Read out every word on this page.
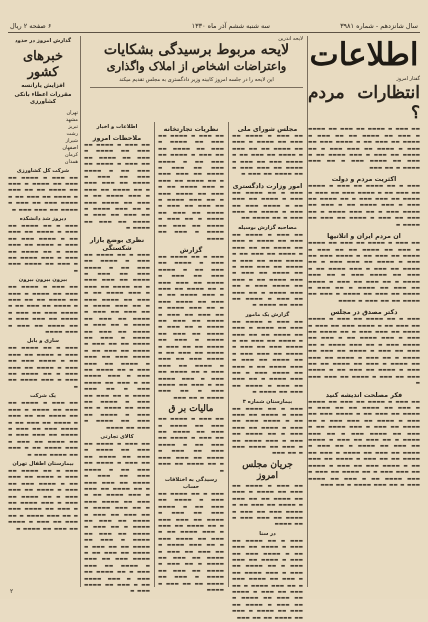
سال شانزدهم - شماره ۳۹۸۱
سه شنبه ششم آذر ماه ۱۳۳۰
۶ صفحه ۲ ریال
اطلاعات
گفتار امروز
انتظارات مردم ؟
▬▬ ▬▬▬ ▬ ▬▬▬▬ ▬▬ ▬▬▬ ▬▬ ▬▬▬▬ ▬ ▬▬▬ ▬▬ ▬▬▬▬ ▬▬ ▬▬ ▬▬▬ ▬ ▬▬▬▬ ▬▬ ▬▬▬ ▬▬ ▬ ▬▬▬▬ ▬▬▬ ▬▬ ▬▬▬ ▬ ▬▬▬▬ ▬▬ ▬▬▬ ▬▬▬ ▬ ▬▬ ▬▬▬▬ ▬▬ ▬▬▬ ▬ ▬▬▬ ▬▬▬▬ ▬▬ ▬ ▬▬▬ ▬▬ ▬▬▬▬ ▬▬▬ ▬ ▬▬ ▬▬▬ ▬▬▬▬ ▬ ▬▬ ▬▬▬
اکثریت مردم و دولت
▬▬▬ ▬ ▬▬ ▬▬▬▬ ▬▬ ▬▬▬ ▬ ▬▬▬▬ ▬▬ ▬▬▬ ▬▬ ▬ ▬▬▬▬ ▬▬▬ ▬▬ ▬▬▬ ▬ ▬▬▬▬ ▬▬ ▬▬▬ ▬▬▬ ▬ ▬▬ ▬▬▬▬ ▬▬ ▬▬▬ ▬ ▬▬▬ ▬▬▬▬ ▬▬ ▬ ▬▬▬ ▬▬ ▬▬▬▬ ▬▬▬ ▬ ▬▬ ▬▬▬ ▬▬▬▬ ▬ ▬▬ ▬▬▬ ▬▬ ▬▬▬ ▬ ▬▬▬▬ ▬▬ ▬▬▬ ▬▬ ▬▬▬▬ ▬
ان مردم ایران و اتلاتیها
▬▬ ▬▬▬ ▬ ▬▬▬▬ ▬▬ ▬▬▬ ▬▬ ▬▬▬▬ ▬ ▬▬▬ ▬▬ ▬▬▬▬ ▬▬ ▬▬ ▬▬▬ ▬ ▬▬▬▬ ▬▬ ▬▬▬ ▬▬ ▬ ▬▬▬▬ ▬▬▬ ▬▬ ▬▬▬ ▬ ▬▬▬▬ ▬▬ ▬▬▬ ▬▬▬ ▬ ▬▬ ▬▬▬▬ ▬▬ ▬▬▬ ▬ ▬▬▬ ▬▬▬▬ ▬▬ ▬ ▬▬▬ ▬▬ ▬▬▬▬ ▬▬▬ ▬ ▬▬ ▬▬▬ ▬▬▬▬ ▬ ▬▬ ▬▬▬ ▬▬ ▬▬▬ ▬ ▬▬▬▬ ▬▬ ▬▬▬ ▬▬ ▬▬▬▬ ▬ ▬▬ ▬▬▬ ▬ ▬▬▬▬ ▬▬ ▬▬▬ ▬▬ ▬▬▬▬ ▬ ▬▬▬ ▬▬ ▬▬▬▬ ▬▬ ▬▬ ▬▬▬ ▬ ▬▬▬▬
دکتر مصدق در مجلس
▬▬▬ ▬ ▬▬ ▬▬▬▬ ▬▬ ▬▬▬ ▬ ▬▬▬▬ ▬▬ ▬▬▬ ▬▬ ▬ ▬▬▬▬ ▬▬▬ ▬▬ ▬▬▬ ▬ ▬▬▬▬ ▬▬ ▬▬▬ ▬▬▬ ▬ ▬▬ ▬▬▬▬ ▬▬ ▬▬▬ ▬ ▬▬▬ ▬▬▬▬ ▬▬ ▬ ▬▬▬ ▬▬ ▬▬▬▬ ▬▬▬ ▬ ▬▬ ▬▬▬ ▬▬▬▬ ▬ ▬▬ ▬▬▬ ▬▬ ▬▬▬ ▬ ▬▬▬▬ ▬▬ ▬▬▬ ▬▬ ▬▬▬▬ ▬ ▬▬ ▬▬▬ ▬ ▬▬▬▬ ▬▬ ▬▬▬ ▬▬ ▬▬▬▬ ▬ ▬▬▬ ▬▬ ▬▬▬▬ ▬▬ ▬▬ ▬▬▬ ▬ ▬▬▬▬ ▬▬ ▬▬▬ ▬▬ ▬ ▬▬▬▬ ▬▬▬ ▬▬ ▬▬▬ ▬ ▬▬▬▬ ▬▬ ▬▬▬ ▬▬▬ ▬
فکر مصلحت اندیشه کنید
▬▬ ▬▬▬ ▬ ▬▬▬▬ ▬▬ ▬▬▬ ▬▬ ▬▬▬▬ ▬ ▬▬▬ ▬▬ ▬▬▬▬ ▬▬ ▬▬ ▬▬▬ ▬ ▬▬▬▬ ▬▬ ▬▬▬ ▬▬ ▬ ▬▬▬▬ ▬▬▬ ▬▬ ▬▬▬ ▬ ▬▬▬▬ ▬▬ ▬▬▬ ▬▬▬ ▬ ▬▬ ▬▬▬▬ ▬▬ ▬▬▬ ▬ ▬▬▬ ▬▬▬▬ ▬▬ ▬ ▬▬▬ ▬▬ ▬▬▬▬ ▬▬▬ ▬ ▬▬ ▬▬▬ ▬▬▬▬ ▬ ▬▬ ▬▬▬ ▬▬ ▬▬▬ ▬ ▬▬▬▬ ▬▬ ▬▬▬ ▬▬ ▬▬▬▬ ▬ ▬▬ ▬▬▬ ▬ ▬▬▬▬ ▬▬ ▬▬▬ ▬▬ ▬▬▬▬ ▬ ▬▬▬ ▬▬ ▬▬▬▬ ▬▬ ▬▬ ▬▬▬ ▬ ▬▬▬▬ ▬▬ ▬▬▬ ▬▬ ▬ ▬▬▬▬ ▬▬▬ ▬▬ ▬▬▬ ▬ ▬▬▬▬ ▬▬ ▬▬▬ ▬▬▬ ▬ ▬▬ ▬▬▬▬ ▬▬ ▬▬▬ ▬ ▬▬▬ ▬▬▬▬ ▬▬ ▬ ▬▬▬ ▬▬ ▬▬▬▬ ▬▬▬ ▬ ▬▬ ▬▬▬ ▬▬▬▬ ▬ ▬▬ ▬▬▬
لایحه اندرین
لایحه مربوط برسیدگی بشکایات
واعتراضات اشخاص از املاک واگذاری
این لایحه را در جلسه امروز کابینه وزیر دادگستری به مجلس تقدیم میکند
مجلس شورای ملی
▬▬ ▬▬▬ ▬ ▬▬▬▬ ▬▬ ▬▬▬ ▬▬ ▬▬▬▬ ▬ ▬▬▬ ▬▬ ▬▬▬▬ ▬▬ ▬▬ ▬▬▬ ▬ ▬▬▬▬ ▬▬ ▬▬▬ ▬▬ ▬ ▬▬▬▬ ▬▬▬ ▬▬ ▬▬▬ ▬ ▬▬▬▬ ▬▬ ▬▬▬ ▬▬▬ ▬ ▬▬ ▬▬▬▬ ▬▬ ▬▬▬ ▬
امور وزارت دادگستری
▬▬▬ ▬ ▬▬ ▬▬▬▬ ▬▬ ▬▬▬ ▬ ▬▬▬▬ ▬▬ ▬▬▬ ▬▬ ▬ ▬▬▬▬ ▬▬▬ ▬▬ ▬▬▬ ▬ ▬▬▬▬ ▬▬ ▬▬▬ ▬▬▬ ▬ ▬▬ ▬▬▬▬ ▬▬
مصاحبه گزارش بوسیله
▬▬ ▬▬▬ ▬ ▬▬▬▬ ▬▬ ▬▬▬ ▬▬ ▬▬▬▬ ▬ ▬▬▬ ▬▬ ▬▬▬▬ ▬▬ ▬▬ ▬▬▬ ▬ ▬▬▬▬ ▬▬ ▬▬▬ ▬▬ ▬ ▬▬▬▬ ▬▬▬ ▬▬ ▬▬▬ ▬ ▬▬▬▬ ▬▬ ▬▬▬ ▬▬▬ ▬ ▬▬ ▬▬▬▬ ▬▬ ▬▬▬ ▬ ▬▬▬ ▬▬▬▬ ▬▬ ▬ ▬▬▬ ▬▬ ▬▬▬▬ ▬▬▬ ▬ ▬▬ ▬▬▬ ▬▬▬▬ ▬ ▬▬ ▬▬▬ ▬▬ ▬▬▬ ▬ ▬▬▬▬ ▬▬ ▬▬▬ ▬▬ ▬▬▬▬ ▬
گزارش یک مامور
▬▬ ▬▬▬ ▬ ▬▬▬▬ ▬▬ ▬▬▬ ▬▬ ▬▬▬▬ ▬ ▬▬▬ ▬▬ ▬▬▬▬ ▬▬ ▬▬ ▬▬▬ ▬ ▬▬▬▬ ▬▬ ▬▬▬ ▬▬ ▬ ▬▬▬▬ ▬▬▬ ▬▬ ▬▬▬ ▬ ▬▬▬▬ ▬▬ ▬▬▬ ▬▬▬ ▬ ▬▬ ▬▬▬▬ ▬▬ ▬▬▬ ▬ ▬▬▬ ▬▬▬▬ ▬▬ ▬ ▬▬▬ ▬▬ ▬▬▬▬ ▬▬▬ ▬ ▬▬ ▬▬▬ ▬▬▬▬ ▬ ▬▬ ▬▬▬ ▬▬ ▬▬▬ ▬ ▬▬▬▬ ▬▬ ▬▬▬ ▬▬ ▬▬▬▬ ▬
بیمارستان شماره ۳
▬▬▬ ▬ ▬▬ ▬▬▬▬ ▬▬ ▬▬▬ ▬ ▬▬▬▬ ▬▬ ▬▬▬ ▬▬ ▬ ▬▬▬▬ ▬▬▬ ▬▬ ▬▬▬ ▬ ▬▬▬▬ ▬▬ ▬▬▬ ▬▬▬ ▬ ▬▬ ▬▬▬▬ ▬▬ ▬▬▬ ▬ ▬▬▬ ▬▬▬▬ ▬▬ ▬ ▬▬▬ ▬▬ ▬▬▬▬ ▬▬▬ ▬ ▬▬ ▬▬▬
جریان مجلس امروز
▬▬ ▬▬▬ ▬ ▬▬▬▬ ▬▬ ▬▬▬ ▬▬ ▬▬▬▬ ▬ ▬▬▬ ▬▬ ▬▬▬▬ ▬▬ ▬▬ ▬▬▬ ▬ ▬▬▬▬ ▬▬ ▬▬▬ ▬▬ ▬ ▬▬▬▬ ▬▬▬ ▬▬ ▬▬▬ ▬ ▬▬▬▬ ▬▬ ▬▬▬ ▬▬▬ ▬ ▬▬ ▬▬▬▬
در سنا
▬▬▬ ▬ ▬▬ ▬▬▬▬ ▬▬ ▬▬▬ ▬ ▬▬▬▬ ▬▬ ▬▬▬ ▬▬ ▬ ▬▬▬▬ ▬▬▬ ▬▬ ▬▬▬ ▬ ▬▬▬▬ ▬▬ ▬▬▬ ▬▬▬ ▬ ▬▬ ▬▬▬▬ ▬▬ ▬▬▬ ▬ ▬▬▬ ▬▬▬▬ ▬▬ ▬ ▬▬▬ ▬▬ ▬▬▬▬ ▬▬▬ ▬ ▬▬ ▬▬▬ ▬▬▬▬ ▬ ▬▬ ▬▬▬ ▬▬ ▬▬▬ ▬ ▬▬▬▬ ▬▬ ▬▬▬ ▬▬ ▬▬▬▬ ▬ ▬▬ ▬▬▬ ▬ ▬▬▬▬ ▬▬ ▬▬▬ ▬▬ ▬▬▬▬ ▬ ▬▬▬ ▬▬ ▬▬▬▬ ▬▬ ▬▬ ▬▬▬
نظریات تجارتخانه
▬▬ ▬▬▬ ▬ ▬▬▬▬ ▬▬ ▬▬▬ ▬▬ ▬▬▬▬ ▬ ▬▬▬ ▬▬ ▬▬▬▬ ▬▬ ▬▬ ▬▬▬ ▬ ▬▬▬▬ ▬▬ ▬▬▬ ▬▬ ▬ ▬▬▬▬ ▬▬▬ ▬▬ ▬▬▬ ▬ ▬▬▬▬ ▬▬ ▬▬▬ ▬▬▬ ▬ ▬▬ ▬▬▬▬ ▬▬ ▬▬▬ ▬ ▬▬▬ ▬▬▬▬ ▬▬ ▬ ▬▬▬ ▬▬ ▬▬▬▬ ▬▬▬ ▬ ▬▬ ▬▬▬ ▬▬▬▬ ▬ ▬▬ ▬▬▬ ▬▬ ▬▬▬ ▬ ▬▬▬▬ ▬▬ ▬▬▬ ▬▬ ▬▬▬▬ ▬ ▬▬ ▬▬▬ ▬ ▬▬▬▬ ▬▬ ▬▬▬ ▬▬ ▬▬▬▬ ▬ ▬▬▬ ▬▬ ▬▬▬▬
گزارش
▬▬▬ ▬ ▬▬ ▬▬▬▬ ▬▬ ▬▬▬ ▬ ▬▬▬▬ ▬▬ ▬▬▬ ▬▬ ▬ ▬▬▬▬ ▬▬▬ ▬▬ ▬▬▬ ▬ ▬▬▬▬ ▬▬ ▬▬▬ ▬▬▬ ▬ ▬▬ ▬▬▬▬ ▬▬ ▬▬▬ ▬ ▬▬▬ ▬▬▬▬ ▬▬ ▬ ▬▬▬ ▬▬ ▬▬▬▬ ▬▬▬ ▬ ▬▬ ▬▬▬ ▬▬▬▬ ▬ ▬▬ ▬▬▬ ▬▬ ▬▬▬ ▬ ▬▬▬▬ ▬▬ ▬▬▬ ▬▬ ▬▬▬▬ ▬ ▬▬ ▬▬▬ ▬ ▬▬▬▬ ▬▬ ▬▬▬ ▬▬ ▬▬▬▬ ▬ ▬▬▬ ▬▬ ▬▬▬▬ ▬▬ ▬▬ ▬▬▬ ▬ ▬▬▬▬ ▬▬ ▬▬▬ ▬▬ ▬ ▬▬▬▬ ▬▬▬ ▬▬ ▬▬▬ ▬ ▬▬▬▬ ▬▬ ▬▬▬ ▬▬▬ ▬ ▬▬ ▬▬▬▬ ▬▬ ▬▬▬ ▬ ▬▬▬ ▬▬▬▬ ▬▬ ▬ ▬▬▬ ▬▬ ▬▬▬▬ ▬▬▬ ▬ ▬▬ ▬▬▬ ▬▬▬▬ ▬ ▬▬ ▬▬▬
مالیات بر ق
▬▬ ▬▬▬ ▬ ▬▬▬▬ ▬▬ ▬▬▬ ▬▬ ▬▬▬▬ ▬ ▬▬▬ ▬▬ ▬▬▬▬ ▬▬ ▬▬ ▬▬▬ ▬ ▬▬▬▬ ▬▬ ▬▬▬ ▬▬ ▬ ▬▬▬▬ ▬▬▬ ▬▬ ▬▬▬ ▬ ▬▬▬▬ ▬▬ ▬▬▬ ▬▬▬ ▬ ▬▬ ▬▬▬▬ ▬▬ ▬▬▬ ▬
رسیدگی به اختلافات حساب
▬▬▬ ▬ ▬▬ ▬▬▬▬ ▬▬ ▬▬▬ ▬ ▬▬▬▬ ▬▬ ▬▬▬ ▬▬ ▬ ▬▬▬▬ ▬▬▬ ▬▬ ▬▬▬ ▬ ▬▬▬▬ ▬▬ ▬▬▬ ▬▬▬ ▬ ▬▬ ▬▬▬▬ ▬▬ ▬▬▬ ▬ ▬▬▬ ▬▬▬▬ ▬▬ ▬ ▬▬▬ ▬▬ ▬▬▬▬ ▬▬▬ ▬ ▬▬ ▬▬▬ ▬▬▬▬ ▬ ▬▬ ▬▬▬ ▬▬ ▬▬▬ ▬ ▬▬▬▬ ▬▬ ▬▬▬ ▬▬ ▬▬▬▬ ▬ ▬▬ ▬▬▬ ▬ ▬▬▬▬ ▬▬ ▬▬▬ ▬▬ ▬▬▬▬ ▬ ▬▬▬ ▬▬ ▬▬▬▬ ▬▬ ▬▬ ▬▬▬ ▬ ▬▬▬▬
اطلاعات و اخبار
ملاحظات امروز
▬▬ ▬▬▬ ▬ ▬▬▬▬ ▬▬ ▬▬▬ ▬▬ ▬▬▬▬ ▬ ▬▬▬ ▬▬ ▬▬▬▬ ▬▬ ▬▬ ▬▬▬ ▬ ▬▬▬▬ ▬▬ ▬▬▬ ▬▬ ▬ ▬▬▬▬ ▬▬▬ ▬▬ ▬▬▬ ▬ ▬▬▬▬ ▬▬ ▬▬▬ ▬▬▬ ▬ ▬▬ ▬▬▬▬ ▬▬ ▬▬▬ ▬ ▬▬▬ ▬▬▬▬ ▬▬ ▬ ▬▬▬ ▬▬ ▬▬▬▬ ▬▬▬ ▬ ▬▬ ▬▬▬ ▬▬▬▬ ▬ ▬▬ ▬▬▬ ▬▬ ▬▬▬ ▬ ▬▬▬▬ ▬▬ ▬▬▬ ▬▬ ▬▬▬▬ ▬
نظری بوضع بازار شکستگی
▬▬▬ ▬ ▬▬ ▬▬▬▬ ▬▬ ▬▬▬ ▬ ▬▬▬▬ ▬▬ ▬▬▬ ▬▬ ▬ ▬▬▬▬ ▬▬▬ ▬▬ ▬▬▬ ▬ ▬▬▬▬ ▬▬ ▬▬▬ ▬▬▬ ▬ ▬▬ ▬▬▬▬ ▬▬ ▬▬▬ ▬ ▬▬▬ ▬▬▬▬ ▬▬ ▬ ▬▬▬ ▬▬ ▬▬▬▬ ▬▬▬ ▬ ▬▬ ▬▬▬ ▬▬▬▬ ▬ ▬▬ ▬▬▬ ▬▬ ▬▬▬ ▬ ▬▬▬▬ ▬▬ ▬▬▬ ▬▬ ▬▬▬▬ ▬ ▬▬ ▬▬▬ ▬ ▬▬▬▬ ▬▬ ▬▬▬ ▬▬ ▬▬▬▬ ▬ ▬▬▬ ▬▬ ▬▬▬▬ ▬▬ ▬▬ ▬▬▬ ▬ ▬▬▬▬ ▬▬ ▬▬▬ ▬▬ ▬ ▬▬▬▬ ▬▬▬ ▬▬ ▬▬▬ ▬ ▬▬▬▬ ▬▬ ▬▬▬ ▬▬▬ ▬ ▬▬ ▬▬▬▬ ▬▬ ▬▬▬ ▬ ▬▬▬ ▬▬▬▬ ▬▬ ▬ ▬▬▬ ▬▬ ▬▬▬▬ ▬▬▬ ▬ ▬▬ ▬▬▬ ▬▬▬▬ ▬ ▬▬ ▬▬▬ ▬▬ ▬▬▬ ▬ ▬▬▬▬ ▬▬ ▬▬▬ ▬▬ ▬▬▬▬ ▬ ▬▬ ▬▬▬ ▬ ▬▬▬▬ ▬▬ ▬▬▬ ▬▬ ▬▬▬▬ ▬ ▬▬▬ ▬▬ ▬▬▬▬
کالای تجارتی
▬▬ ▬▬▬ ▬ ▬▬▬▬ ▬▬ ▬▬▬ ▬▬ ▬▬▬▬ ▬ ▬▬▬ ▬▬ ▬▬▬▬ ▬▬ ▬▬ ▬▬▬ ▬ ▬▬▬▬ ▬▬ ▬▬▬ ▬▬ ▬ ▬▬▬▬ ▬▬▬ ▬▬ ▬▬▬ ▬ ▬▬▬▬ ▬▬ ▬▬▬ ▬▬▬ ▬ ▬▬ ▬▬▬▬ ▬▬ ▬▬▬ ▬ ▬▬▬ ▬▬▬▬ ▬▬ ▬ ▬▬▬ ▬▬ ▬▬▬▬ ▬▬▬ ▬ ▬▬ ▬▬▬ ▬▬▬▬ ▬ ▬▬ ▬▬▬ ▬▬ ▬▬▬ ▬ ▬▬▬▬ ▬▬ ▬▬▬ ▬▬ ▬▬▬▬ ▬ ▬▬ ▬▬▬ ▬ ▬▬▬▬ ▬▬ ▬▬▬ ▬▬ ▬▬▬▬ ▬ ▬▬▬ ▬▬ ▬▬▬▬ ▬▬ ▬▬ ▬▬▬ ▬ ▬▬▬▬ ▬▬ ▬▬▬ ▬▬ ▬ ▬▬▬▬ ▬▬▬ ▬▬ ▬▬▬ ▬ ▬▬▬▬ ▬▬ ▬▬▬ ▬▬▬ ▬ ▬▬ ▬▬▬▬ ▬▬ ▬▬▬ ▬ ▬▬▬ ▬▬▬▬ ▬▬ ▬ ▬▬▬ ▬▬ ▬▬▬▬ ▬▬▬ ▬
گذارش امروز در حدود
خبرهای کشور
افزایش یارانسه
مقررات اعطاء بانکی کشاورزی
تهران
مشهد
تبریز
رشت
شیراز
اصفهان
کرمان
همدان
شرکت کل کشاورزی
▬▬ ▬▬▬ ▬ ▬▬▬▬ ▬▬ ▬▬▬ ▬▬ ▬▬▬▬ ▬ ▬▬▬ ▬▬ ▬▬▬▬ ▬▬ ▬▬ ▬▬▬ ▬ ▬▬▬▬ ▬▬ ▬▬▬ ▬▬ ▬ ▬▬▬▬ ▬▬▬ ▬▬ ▬▬▬ ▬ ▬▬▬▬ ▬▬ ▬▬▬ ▬▬▬ ▬
دیروز شد دانشکده
▬▬▬ ▬ ▬▬ ▬▬▬▬ ▬▬ ▬▬▬ ▬ ▬▬▬▬ ▬▬ ▬▬▬ ▬▬ ▬ ▬▬▬▬ ▬▬▬ ▬▬ ▬▬▬ ▬ ▬▬▬▬ ▬▬ ▬▬▬ ▬▬▬ ▬ ▬▬ ▬▬▬▬ ▬▬ ▬▬▬ ▬ ▬▬▬ ▬▬▬▬ ▬▬ ▬ ▬▬▬ ▬▬ ▬▬▬▬ ▬▬▬ ▬
بیرون بیرون بیرون
▬▬ ▬▬▬ ▬ ▬▬▬▬ ▬▬ ▬▬▬ ▬▬ ▬▬▬▬ ▬ ▬▬▬ ▬▬ ▬▬▬▬ ▬▬ ▬▬ ▬▬▬ ▬ ▬▬▬▬ ▬▬ ▬▬▬ ▬▬ ▬ ▬▬▬▬ ▬▬▬ ▬▬ ▬▬▬ ▬ ▬▬▬▬ ▬▬ ▬▬▬ ▬▬▬ ▬ ▬▬ ▬▬▬▬ ▬▬ ▬▬▬ ▬ ▬▬▬ ▬▬▬▬
ساری و بابل
▬▬▬ ▬ ▬▬ ▬▬▬▬ ▬▬ ▬▬▬ ▬ ▬▬▬▬ ▬▬ ▬▬▬ ▬▬ ▬ ▬▬▬▬ ▬▬▬ ▬▬ ▬▬▬ ▬ ▬▬▬▬ ▬▬ ▬▬▬ ▬▬▬ ▬ ▬▬ ▬▬▬▬ ▬▬ ▬▬▬ ▬ ▬▬▬ ▬▬▬▬ ▬▬ ▬
یک شرکت
▬▬ ▬▬▬ ▬ ▬▬▬▬ ▬▬ ▬▬▬ ▬▬ ▬▬▬▬ ▬ ▬▬▬ ▬▬ ▬▬▬▬ ▬▬ ▬▬ ▬▬▬ ▬ ▬▬▬▬ ▬▬ ▬▬▬ ▬▬ ▬ ▬▬▬▬ ▬▬▬ ▬▬ ▬▬▬ ▬ ▬▬▬▬ ▬▬ ▬▬▬ ▬▬▬ ▬ ▬▬ ▬▬▬▬ ▬▬ ▬▬▬ ▬ ▬▬▬ ▬▬▬▬ ▬▬ ▬ ▬▬▬ ▬▬ ▬▬▬▬ ▬▬▬ ▬
بیمارستان اطفال تهران
▬▬▬ ▬ ▬▬ ▬▬▬▬ ▬▬ ▬▬▬ ▬ ▬▬▬▬ ▬▬ ▬▬▬ ▬▬ ▬ ▬▬▬▬ ▬▬▬ ▬▬ ▬▬▬ ▬ ▬▬▬▬ ▬▬ ▬▬▬ ▬▬▬ ▬ ▬▬ ▬▬▬▬ ▬▬ ▬▬▬ ▬ ▬▬▬ ▬▬▬▬ ▬▬ ▬ ▬▬▬ ▬▬ ▬▬▬▬ ▬▬▬ ▬ ▬▬ ▬▬▬ ▬▬▬▬ ▬ ▬▬ ▬▬▬ ▬▬ ▬▬▬ ▬ ▬▬▬▬ ▬▬ ▬▬▬ ▬▬ ▬▬▬▬ ▬
۲
